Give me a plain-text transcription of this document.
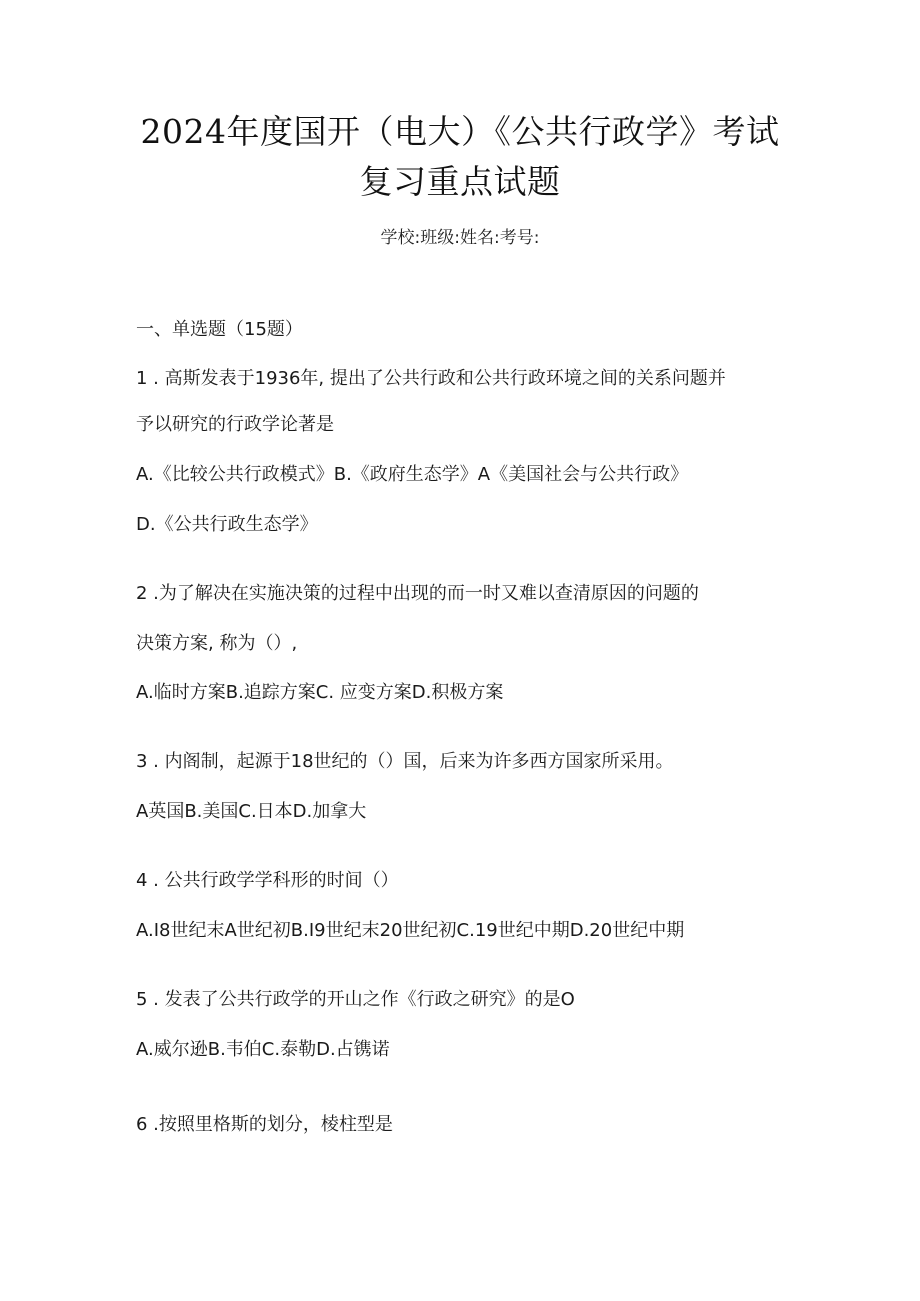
2024年度国开（电大）《公共行政学》考试
复习重点试题
学校:班级:姓名:考号:
一、单选题（15题）
1 . 高斯发表于1936年, 提出了公共行政和公共行政环境之间的关系问题并
予以研究的行政学论著是
A.《比较公共行政模式》B.《政府生态学》A《美国社会与公共行政》
D.《公共行政生态学》
2 .为了解决在实施决策的过程中出现的而一时又难以查清原因的问题的
决策方案, 称为（）,
A.临时方案B.追踪方案C. 应变方案D.积极方案
3 . 内阁制，起源于18世纪的（）国，后来为许多西方国家所采用。
A英国B.美国C.日本D.加拿大
4 . 公共行政学学科形的时间（）
A.I8世纪末A世纪初B.I9世纪末20世纪初C.19世纪中期D.20世纪中期
5 . 发表了公共行政学的开山之作《行政之研究》的是O
A.威尔逊B.韦伯C.泰勒D.占镌诺
6 .按照里格斯的划分，棱柱型是
